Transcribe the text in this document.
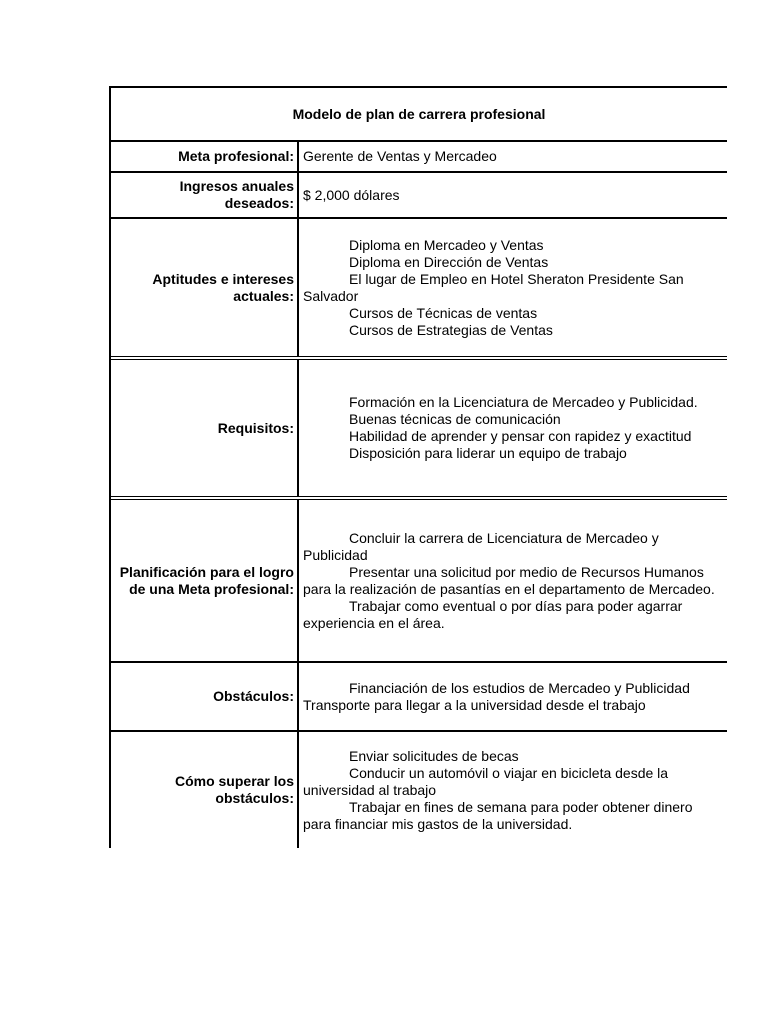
Modelo de plan de carrera profesional
Meta profesional: Gerente de Ventas y Mercadeo
Ingresos anuales deseados:
$ 2,000 dólares
Aptitudes e intereses actuales:
Diploma en Mercadeo y Ventas
Diploma en Dirección de Ventas
El lugar de Empleo en Hotel Sheraton Presidente San Salvador
Cursos de Técnicas de ventas
Cursos de Estrategias de Ventas
Requisitos:
Formación en la Licenciatura de Mercadeo y Publicidad.
Buenas técnicas de comunicación
Habilidad de aprender y pensar con rapidez y exactitud
Disposición para liderar un equipo de trabajo
Planificación para el logro de una Meta profesional:
Concluir la carrera de Licenciatura de Mercadeo y Publicidad
Presentar una solicitud por medio de Recursos Humanos para la realización de pasantías en el departamento de Mercadeo.
Trabajar como eventual o por días para poder agarrar experiencia en el área.
Obstáculos:
Financiación de los estudios de Mercadeo y Publicidad
Transporte para llegar a la universidad desde el trabajo
Cómo superar los obstáculos:
Enviar solicitudes de becas
Conducir un automóvil o viajar en bicicleta desde la universidad al trabajo
Trabajar en fines de semana para poder obtener dinero para financiar mis gastos de la universidad.
